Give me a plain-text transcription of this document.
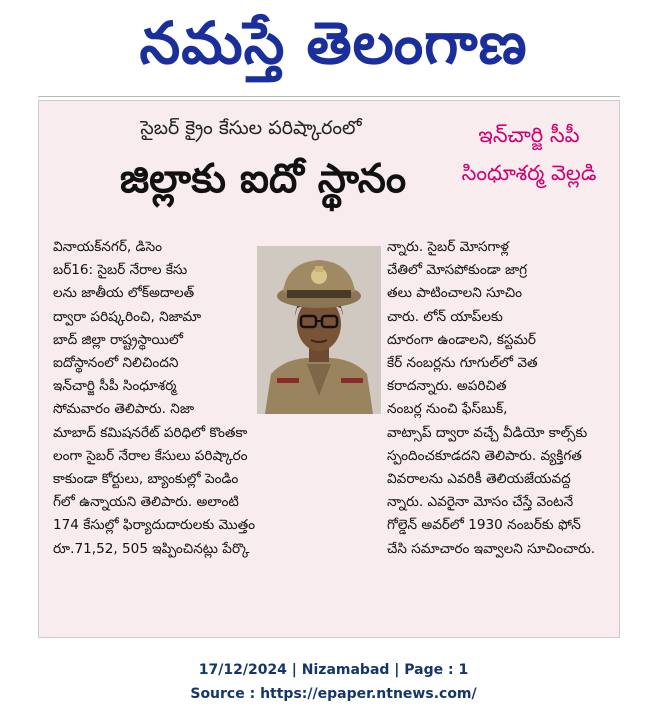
నమస్తే తెలంగాణ
సైబర్ క్రైం కేసుల పరిష్కారంలో
జిల్లాకు ఐదో స్థానం
ఇన్‌చార్జి సీపీ
సింధూశర్మ వెల్లడి
వినాయక్‌నగర్, డిసెం
బర్16: సైబర్ నేరాల కేసు
లను జాతీయ లోక్‌అదాలత్
ద్వారా పరిష్కరించి, నిజామా
బాద్ జిల్లా రాష్ట్రస్థాయిలో
ఐదోస్థానంలో నిలిచిందని
ఇన్‌చార్జి సీపీ సింధూశర్మ
సోమవారం తెలిపారు. నిజా
మాబాద్ కమిషనరేట్ పరిధిలో కొంతకా
లంగా సైబర్ నేరాల కేసులు పరిష్కారం
కాకుండా కోర్టులు, బ్యాంకుల్లో పెండిం
గ్‌లో ఉన్నాయని తెలిపారు. అలాంటి
174 కేసుల్లో ఫిర్యాదుదారులకు మొత్తం
రూ.71,52, 505 ఇప్పించినట్లు పేర్కొ
న్నారు. సైబర్ మోసగాళ్ల
చేతిలో మోసపోకుండా జాగ్ర
తలు పాటించాలని సూచిం
చారు. లోన్ యాప్‌లకు
దూరంగా ఉండాలని, కస్టమర్
కేర్ నంబర్లను గూగుల్‌లో వెత
కరాదన్నారు. అపరిచిత
నంబర్ల నుంచి ఫేస్‌బుక్,
వాట్సాప్ ద్వారా వచ్చే వీడియో కాల్స్‌కు
స్పందించకూడదని తెలిపారు. వ్యక్తిగత
వివరాలను ఎవరికీ తెలియజేయవద్ద
న్నారు. ఎవరైనా మోసం చేస్తే వెంటనే
గోల్డెన్ అవర్‌లో 1930 నంబర్‌కు ఫోన్
చేసి సమాచారం ఇవ్వాలని సూచించారు.
17/12/2024 | Nizamabad | Page : 1
Source : https://epaper.ntnews.com/
